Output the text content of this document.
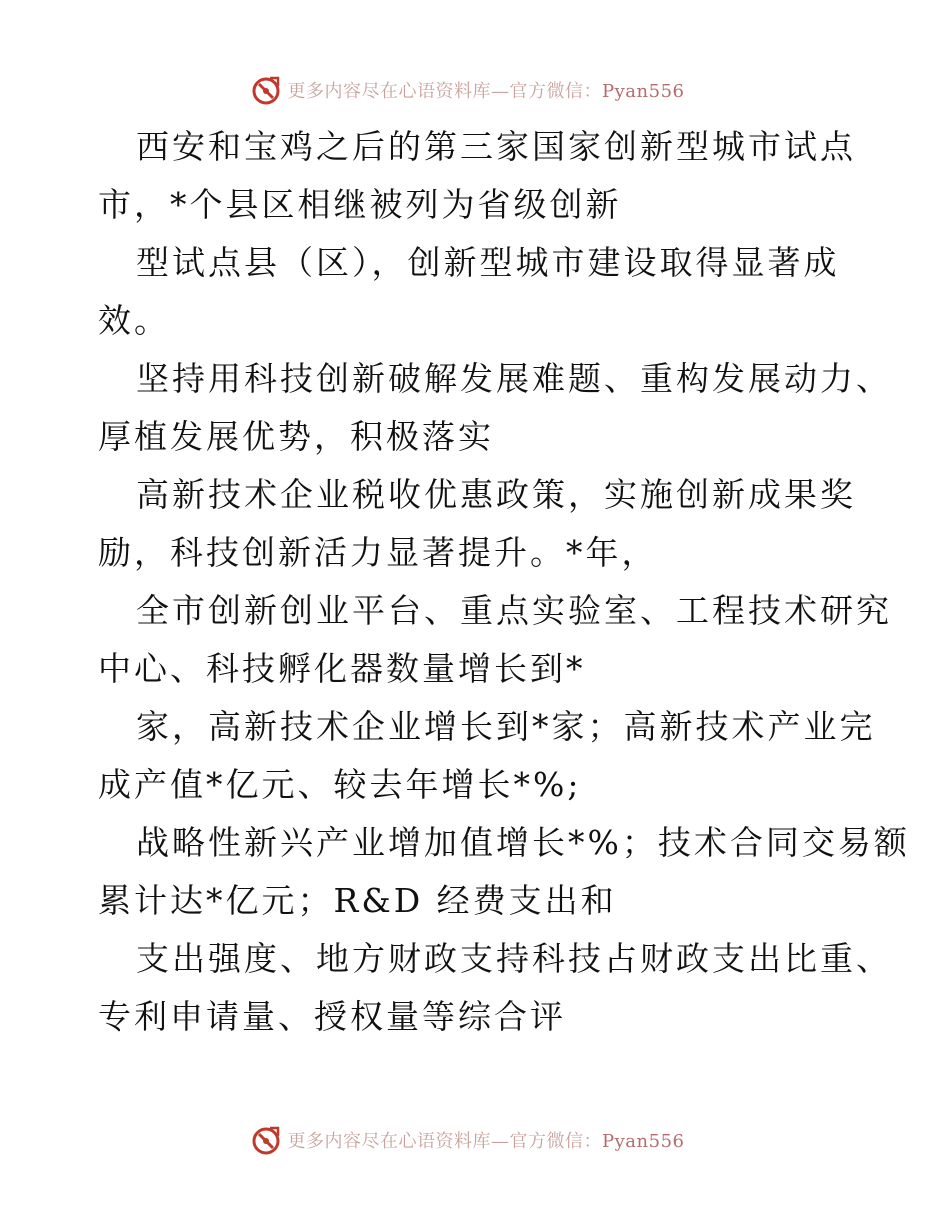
更多内容尽在心语资料库—官方微信：Pyan556
西安和宝鸡之后的第三家国家创新型城市试点
市，*个县区相继被列为省级创新
型试点县（区），创新型城市建设取得显著成
效。
坚持用科技创新破解发展难题、重构发展动力、
厚植发展优势，积极落实
高新技术企业税收优惠政策，实施创新成果奖
励，科技创新活力显著提升。*年，
全市创新创业平台、重点实验室、工程技术研究
中心、科技孵化器数量增长到*
家，高新技术企业增长到*家；高新技术产业完
成产值*亿元、较去年增长*%;
战略性新兴产业增加值增长*%；技术合同交易额
累计达*亿元；R&D 经费支出和
支出强度、地方财政支持科技占财政支出比重、
专利申请量、授权量等综合评
更多内容尽在心语资料库—官方微信：Pyan556
